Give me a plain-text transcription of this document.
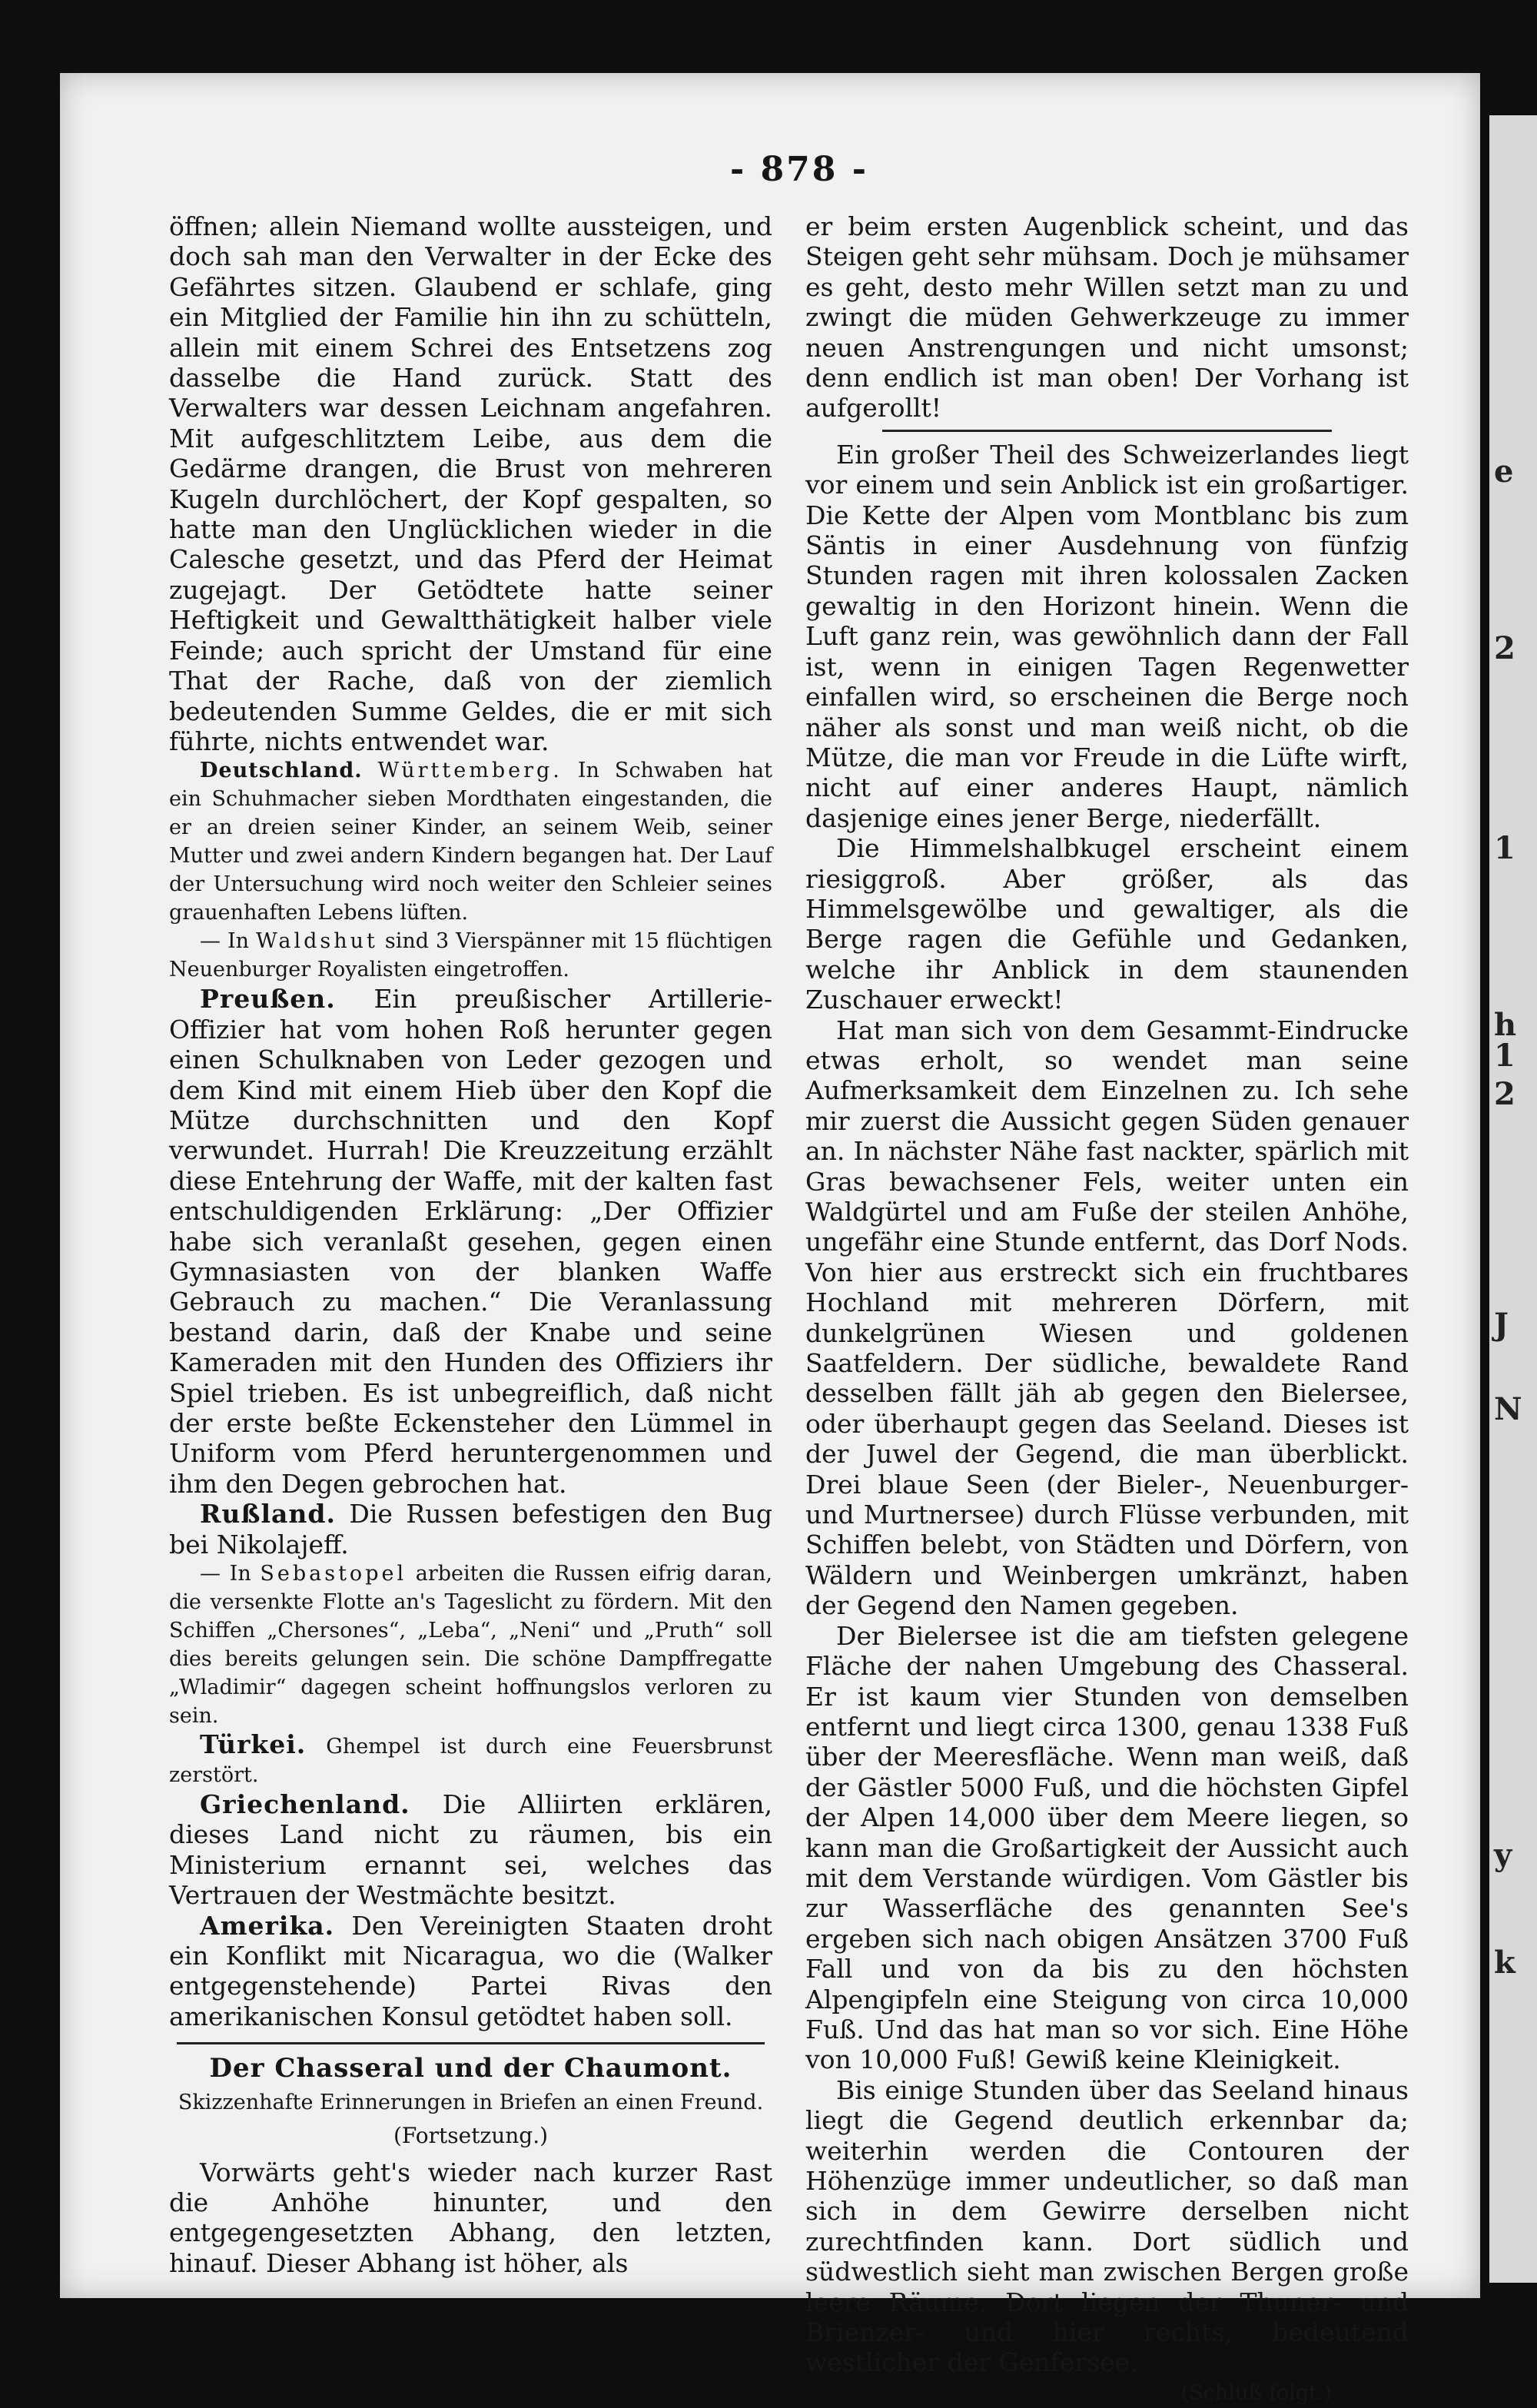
e
2
1
h
1
2
J
N
y
k
- 878 -

öffnen; allein Niemand wollte aussteigen, und doch sah man den Verwalter in der Ecke des Gefährtes sitzen. Glaubend er schlafe, ging ein Mitglied der Familie hin ihn zu schütteln, allein mit einem Schrei des Entsetzens zog dasselbe die Hand zurück. Statt des Verwalters war dessen Leichnam angefahren. Mit aufgeschlitztem Leibe, aus dem die Gedärme drangen, die Brust von mehreren Kugeln durchlöchert, der Kopf gespalten, so hatte man den Unglücklichen wieder in die Calesche gesetzt, und das Pferd der Heimat zugejagt. Der Getödtete hatte seiner Heftigkeit und Gewaltthätigkeit halber viele Feinde; auch spricht der Umstand für eine That der Rache, daß von der ziemlich bedeutenden Summe Geldes, die er mit sich führte, nichts entwendet war.

Deutschland. Württemberg. In Schwaben hat ein Schuhmacher sieben Mordthaten eingestanden, die er an dreien seiner Kinder, an seinem Weib, seiner Mutter und zwei andern Kindern begangen hat. Der Lauf der Untersuchung wird noch weiter den Schleier seines grauenhaften Lebens lüften.

— In Waldshut sind 3 Vierspänner mit 15 flüchtigen Neuenburger Royalisten eingetroffen.

Preußen. Ein preußischer Artillerie-Offizier hat vom hohen Roß herunter gegen einen Schulknaben von Leder gezogen und dem Kind mit einem Hieb über den Kopf die Mütze durchschnitten und den Kopf verwundet. Hurrah! Die Kreuzzeitung erzählt diese Entehrung der Waffe, mit der kalten fast entschuldigenden Erklärung: „Der Offizier habe sich veranlaßt gesehen, gegen einen Gymnasiasten von der blanken Waffe Gebrauch zu machen.“ Die Veranlassung bestand darin, daß der Knabe und seine Kameraden mit den Hunden des Offiziers ihr Spiel trieben. Es ist unbegreiflich, daß nicht der erste beßte Eckensteher den Lümmel in Uniform vom Pferd heruntergenommen und ihm den Degen gebrochen hat.

Rußland. Die Russen befestigen den Bug bei Nikolajeff.

— In Sebastopel arbeiten die Russen eifrig daran, die versenkte Flotte an's Tageslicht zu fördern. Mit den Schiffen „Chersones“, „Leba“, „Neni“ und „Pruth“ soll dies bereits gelungen sein. Die schöne Dampffregatte „Wladimir“ dagegen scheint hoffnungslos verloren zu sein.

Türkei. Ghempel ist durch eine Feuersbrunst zerstört.

Griechenland. Die Alliirten erklären, dieses Land nicht zu räumen, bis ein Ministerium ernannt sei, welches das Vertrauen der Westmächte besitzt.

Amerika. Den Vereinigten Staaten droht ein Konflikt mit Nicaragua, wo die (Walker entgegenstehende) Partei Rivas den amerikanischen Konsul getödtet haben soll.

Der Chasseral und der Chaumont.

Skizzenhafte Erinnerungen in Briefen an einen Freund.

(Fortsetzung.)

Vorwärts geht's wieder nach kurzer Rast die Anhöhe hinunter, und den entgegengesetzten Abhang, den letzten, hinauf. Dieser Abhang ist höher, als

er beim ersten Augenblick scheint, und das Steigen geht sehr mühsam. Doch je mühsamer es geht, desto mehr Willen setzt man zu und zwingt die müden Gehwerkzeuge zu immer neuen Anstrengungen und nicht umsonst; denn endlich ist man oben! Der Vorhang ist aufgerollt!

Ein großer Theil des Schweizerlandes liegt vor einem und sein Anblick ist ein großartiger. Die Kette der Alpen vom Montblanc bis zum Säntis in einer Ausdehnung von fünfzig Stunden ragen mit ihren kolossalen Zacken gewaltig in den Horizont hinein. Wenn die Luft ganz rein, was gewöhnlich dann der Fall ist, wenn in einigen Tagen Regenwetter einfallen wird, so erscheinen die Berge noch näher als sonst und man weiß nicht, ob die Mütze, die man vor Freude in die Lüfte wirft, nicht auf einer anderes Haupt, nämlich dasjenige eines jener Berge, niederfällt.

Die Himmelshalbkugel erscheint einem riesiggroß. Aber größer, als das Himmelsgewölbe und gewaltiger, als die Berge ragen die Gefühle und Gedanken, welche ihr Anblick in dem staunenden Zuschauer erweckt!

Hat man sich von dem Gesammt-Eindrucke etwas erholt, so wendet man seine Aufmerksamkeit dem Einzelnen zu. Ich sehe mir zuerst die Aussicht gegen Süden genauer an. In nächster Nähe fast nackter, spärlich mit Gras bewachsener Fels, weiter unten ein Waldgürtel und am Fuße der steilen Anhöhe, ungefähr eine Stunde entfernt, das Dorf Nods. Von hier aus erstreckt sich ein fruchtbares Hochland mit mehreren Dörfern, mit dunkelgrünen Wiesen und goldenen Saatfeldern. Der südliche, bewaldete Rand desselben fällt jäh ab gegen den Bielersee, oder überhaupt gegen das Seeland. Dieses ist der Juwel der Gegend, die man überblickt. Drei blaue Seen (der Bieler-, Neuenburger- und Murtnersee) durch Flüsse verbunden, mit Schiffen belebt, von Städten und Dörfern, von Wäldern und Weinbergen umkränzt, haben der Gegend den Namen gegeben.

Der Bielersee ist die am tiefsten gelegene Fläche der nahen Umgebung des Chasseral. Er ist kaum vier Stunden von demselben entfernt und liegt circa 1300, genau 1338 Fuß über der Meeresfläche. Wenn man weiß, daß der Gästler 5000 Fuß, und die höchsten Gipfel der Alpen 14,000 über dem Meere liegen, so kann man die Großartigkeit der Aussicht auch mit dem Verstande würdigen. Vom Gästler bis zur Wasserfläche des genannten See's ergeben sich nach obigen Ansätzen 3700 Fuß Fall und von da bis zu den höchsten Alpengipfeln eine Steigung von circa 10,000 Fuß. Und das hat man so vor sich. Eine Höhe von 10,000 Fuß! Gewiß keine Kleinigkeit.

Bis einige Stunden über das Seeland hinaus liegt die Gegend deutlich erkennbar da; weiterhin werden die Contouren der Höhenzüge immer undeutlicher, so daß man sich in dem Gewirre derselben nicht zurechtfinden kann. Dort südlich und südwestlich sieht man zwischen Bergen große leere Räume. Dort liegen der Thuner- und Brienzer- und hier rechts, bedeutend westlicher der Genfersee.

(Schluß folgt.)
